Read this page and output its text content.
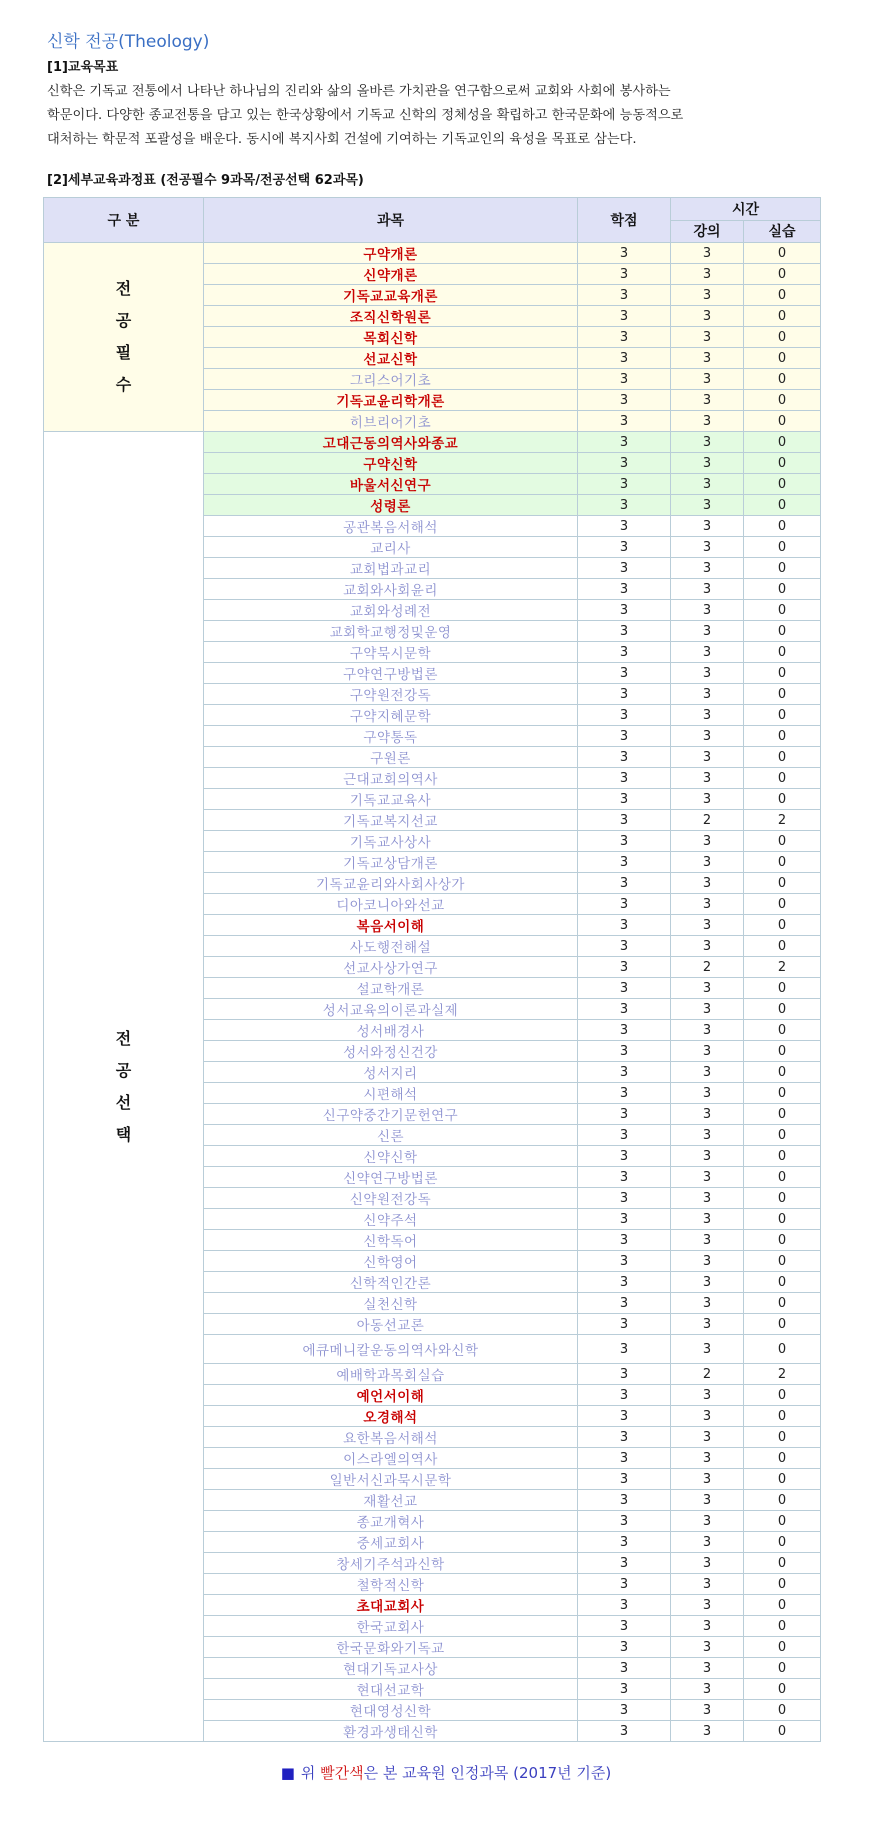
신학 전공(Theology)
[1]교육목표
신학은 기독교 전통에서 나타난 하나님의 진리와 삶의 올바른 가치관을 연구함으로써 교회와 사회에 봉사하는
학문이다. 다양한 종교전통을 담고 있는 한국상황에서 기독교 신학의 정체성을 확립하고 한국문화에 능동적으로
대처하는 학문적 포괄성을 배운다. 동시에 복지사회 건설에 기여하는 기독교인의 육성을 목표로 삼는다.
[2]세부교육과정표 (전공필수 9과목/전공선택 62과목)
구 분	과목	학점	시간	
			강의	실습

전
공
필
수	구약개론	3	3	0
	신약개론	3	3	0
	기독교교육개론	3	3	0
	조직신학원론	3	3	0
	목회신학	3	3	0
	선교신학	3	3	0
	그리스어기초	3	3	0
	기독교윤리학개론	3	3	0
	히브리어기초	3	3	0

전
공
선
택	고대근동의역사와종교	3	3	0
	구약신학	3	3	0
	바울서신연구	3	3	0
	성령론	3	3	0
	공관복음서해석	3	3	0
	교리사	3	3	0
	교회법과교리	3	3	0
	교회와사회윤리	3	3	0
	교회와성례전	3	3	0
	교회학교행정및운영	3	3	0
	구약묵시문학	3	3	0
	구약연구방법론	3	3	0
	구약원전강독	3	3	0
	구약지혜문학	3	3	0
	구약통독	3	3	0
	구원론	3	3	0
	근대교회의역사	3	3	0
	기독교교육사	3	3	0
	기독교복지선교	3	2	2
	기독교사상사	3	3	0
	기독교상담개론	3	3	0
	기독교윤리와사회사상가	3	3	0
	디아코니아와선교	3	3	0
	복음서이해	3	3	0
	사도행전해설	3	3	0
	선교사상가연구	3	2	2
	설교학개론	3	3	0
	성서교육의이론과실제	3	3	0
	성서배경사	3	3	0
	성서와정신건강	3	3	0
	성서지리	3	3	0
	시편해석	3	3	0
	신구약중간기문헌연구	3	3	0
	신론	3	3	0
	신약신학	3	3	0
	신약연구방법론	3	3	0
	신약원전강독	3	3	0
	신약주석	3	3	0
	신학독어	3	3	0
	신학영어	3	3	0
	신학적인간론	3	3	0
	실천신학	3	3	0
	아동선교론	3	3	0
	에큐메니칼운동의역사와신학	3	3	0
	예배학과목회실습	3	2	2
	예언서이해	3	3	0
	오경해석	3	3	0
	요한복음서해석	3	3	0
	이스라엘의역사	3	3	0
	일반서신과묵시문학	3	3	0
	재활선교	3	3	0
	종교개혁사	3	3	0
	중세교회사	3	3	0
	창세기주석과신학	3	3	0
	철학적신학	3	3	0
	초대교회사	3	3	0
	한국교회사	3	3	0
	한국문화와기독교	3	3	0
	현대기독교사상	3	3	0
	현대선교학	3	3	0
	현대영성신학	3	3	0
	환경과생태신학	3	3	0
■ 위 빨간색은 본 교육원 인정과목 (2017년 기준)
